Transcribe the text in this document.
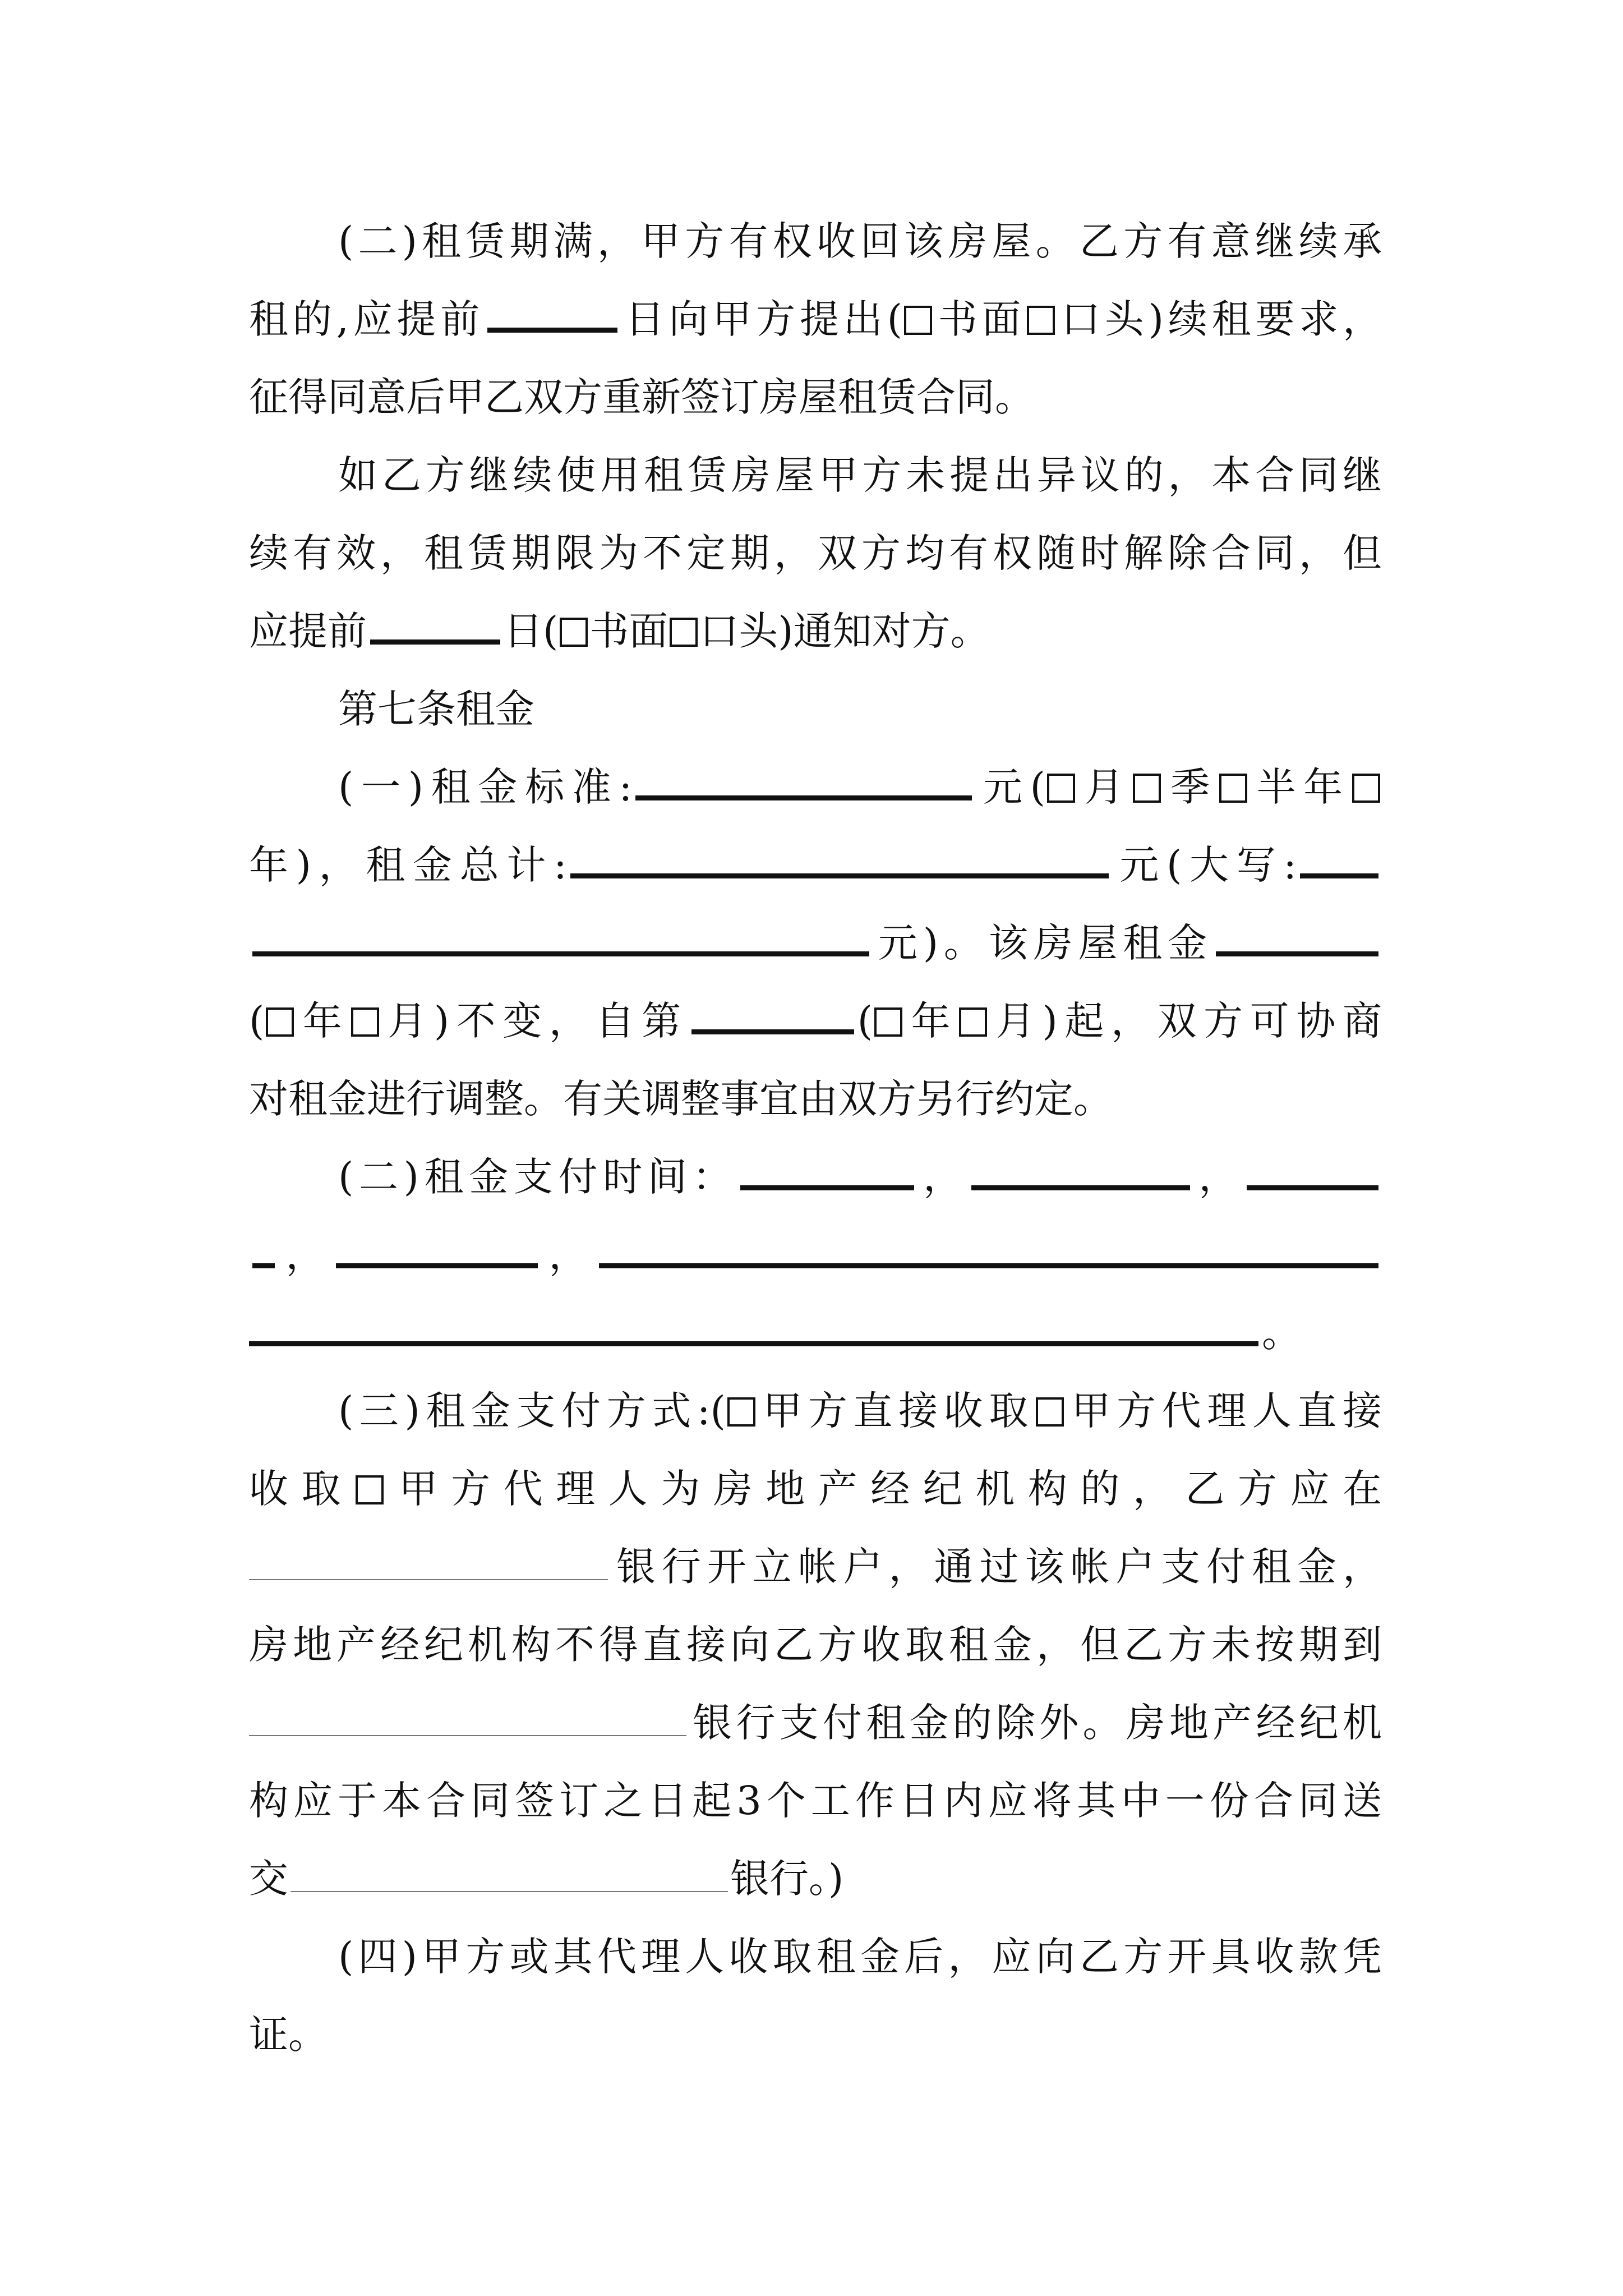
(二)租赁期满，甲方有权收回该房屋。乙方有意继续承
租的,应提前	日向甲方提出( 书面 口头)续租要求，
征得同意后甲乙双方重新签订房屋租赁合同。
如乙方继续使用租赁房屋甲方未提出异议的，本合同继
续有效，租赁期限为不定期，双方均有权随时解除合同，但
应提前	日( 书面 口头)通知对方。
第七条租金
(一)租金标准:	元( 月 季 半年
年)，租金总计:	元(大写:
元)。该房屋租金
( 年 月)不变，自第	( 年 月)起，双方可协商
对租金进行调整。有关调整事宜由双方另行约定。
(二)租金支付时间：	，	，
，	，
。
(三)租金支付方式:( 甲方直接收取 甲方代理人直接
收取 甲方代理人为房地产经纪机构的，乙方应在
银行开立帐户，通过该帐户支付租金，
房地产经纪机构不得直接向乙方收取租金，但乙方未按期到
银行支付租金的除外。房地产经纪机
构应于本合同签订之日起3个工作日内应将其中一份合同送
交	银行。)
(四)甲方或其代理人收取租金后，应向乙方开具收款凭
证。
